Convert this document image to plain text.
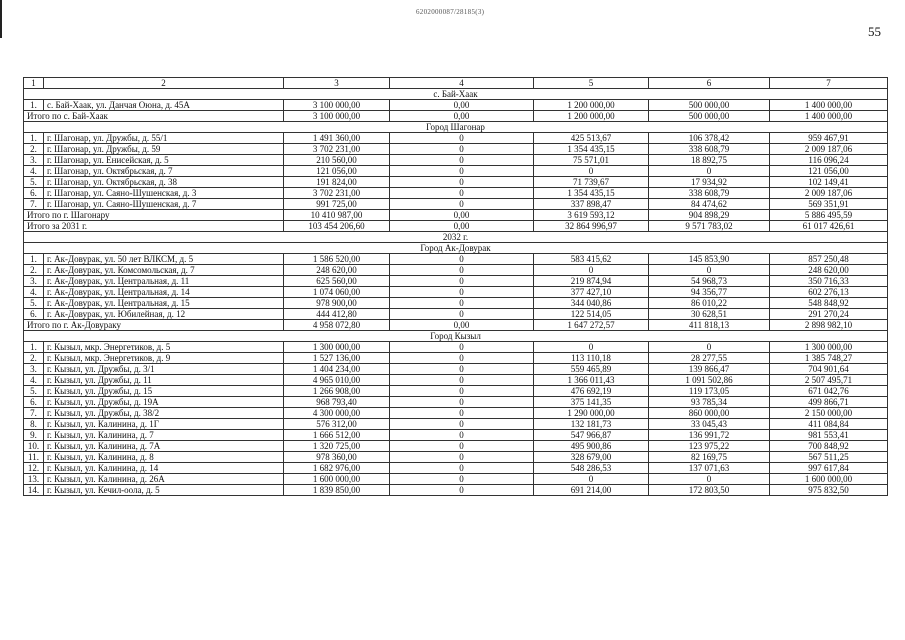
6202000087/28185(3)
55
1	2	3	4	5	6	7
с. Бай-Хаак						
1.	с. Бай-Хаак, ул. Данчая Оюна, д. 45А	3 100 000,00	0,00	1 200 000,00	500 000,00	1 400 000,00
Итого по с. Бай-Хаак		3 100 000,00	0,00	1 200 000,00	500 000,00	1 400 000,00
Город Шагонар						
1.	г. Шагонар, ул. Дружбы, д. 55/1	1 491 360,00	0	425 513,67	106 378,42	959 467,91
2.	г. Шагонар, ул. Дружбы, д. 59	3 702 231,00	0	1 354 435,15	338 608,79	2 009 187,06
3.	г. Шагонар, ул. Енисейская, д. 5	210 560,00	0	75 571,01	18 892,75	116 096,24
4.	г. Шагонар, ул. Октябрьская, д. 7	121 056,00	0	0	0	121 056,00
5.	г. Шагонар, ул. Октябрьская, д. 38	191 824,00	0	71 739,67	17 934,92	102 149,41
6.	г. Шагонар, ул. Саяно-Шушенская, д. 3	3 702 231,00	0	1 354 435,15	338 608,79	2 009 187,06
7.	г. Шагонар, ул. Саяно-Шушенская, д. 7	991 725,00	0	337 898,47	84 474,62	569 351,91
Итого по г. Шагонару		10 410 987,00	0,00	3 619 593,12	904 898,29	5 886 495,59
Итого за 2031 г.		103 454 206,60	0,00	32 864 996,97	9 571 783,02	61 017 426,61
2032 г.						
Город Ак-Довурак						
1.	г. Ак-Довурак, ул. 50 лет ВЛКСМ, д. 5	1 586 520,00	0	583 415,62	145 853,90	857 250,48
2.	г. Ак-Довурак, ул. Комсомольская, д. 7	248 620,00	0	0	0	248 620,00
3.	г. Ак-Довурак, ул. Центральная, д. 11	625 560,00	0	219 874,94	54 968,73	350 716,33
4.	г. Ак-Довурак, ул. Центральная, д. 14	1 074 060,00	0	377 427,10	94 356,77	602 276,13
5.	г. Ак-Довурак, ул. Центральная, д. 15	978 900,00	0	344 040,86	86 010,22	548 848,92
6.	г. Ак-Довурак, ул. Юбилейная, д. 12	444 412,80	0	122 514,05	30 628,51	291 270,24
Итого по г. Ак-Довураку		4 958 072,80	0,00	1 647 272,57	411 818,13	2 898 982,10
Город Кызыл						
1.	г. Кызыл, мкр. Энергетиков, д. 5	1 300 000,00	0	0	0	1 300 000,00
2.	г. Кызыл, мкр. Энергетиков, д. 9	1 527 136,00	0	113 110,18	28 277,55	1 385 748,27
3.	г. Кызыл, ул. Дружбы, д. 3/1	1 404 234,00	0	559 465,89	139 866,47	704 901,64
4.	г. Кызыл, ул. Дружбы, д. 11	4 965 010,00	0	1 366 011,43	1 091 502,86	2 507 495,71
5.	г. Кызыл, ул. Дружбы, д. 15	1 266 908,00	0	476 692,19	119 173,05	671 042,76
6.	г. Кызыл, ул. Дружбы, д. 19А	968 793,40	0	375 141,35	93 785,34	499 866,71
7.	г. Кызыл, ул. Дружбы, д. 38/2	4 300 000,00	0	1 290 000,00	860 000,00	2 150 000,00
8.	г. Кызыл, ул. Калинина, д. 1Г	576 312,00	0	132 181,73	33 045,43	411 084,84
9.	г. Кызыл, ул. Калинина, д. 7	1 666 512,00	0	547 966,87	136 991,72	981 553,41
10.	г. Кызыл, ул. Калинина, д. 7А	1 320 725,00	0	495 900,86	123 975,22	700 848,92
11.	г. Кызыл, ул. Калинина, д. 8	978 360,00	0	328 679,00	82 169,75	567 511,25
12.	г. Кызыл, ул. Калинина, д. 14	1 682 976,00	0	548 286,53	137 071,63	997 617,84
13.	г. Кызыл, ул. Калинина, д. 26А	1 600 000,00	0	0	0	1 600 000,00
14.	г. Кызыл, ул. Кечил-оола, д. 5	1 839 850,00	0	691 214,00	172 803,50	975 832,50
